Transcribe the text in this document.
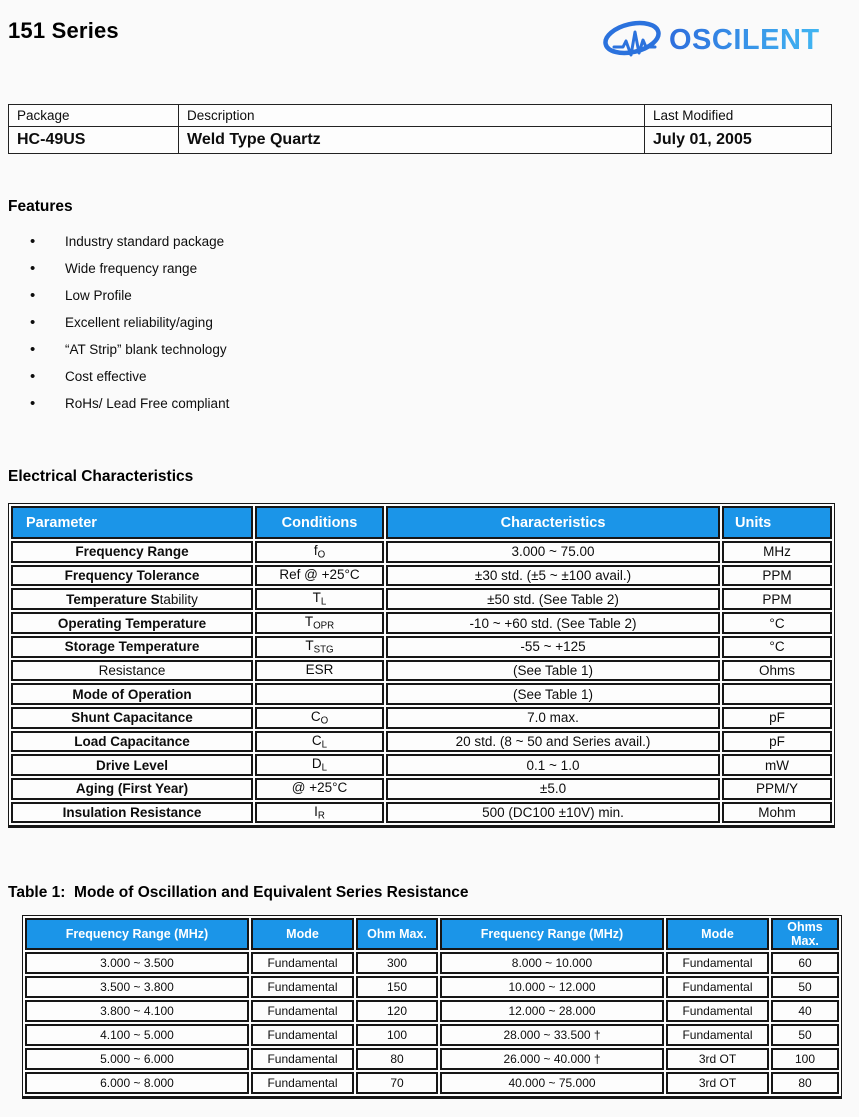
151 Series	OSCILENT
Package	Description	Last Modified
HC-49US	Weld Type Quartz	July 01, 2005
Features
•	Industry standard package
•	Wide frequency range
•	Low Profile
•	Excellent reliability/aging
•	“AT Strip” blank technology
•	Cost effective
•	RoHs/ Lead Free compliant
Electrical Characteristics
Parameter	Conditions	Characteristics	Units
Frequency Range	$f_O$	3.000 ~ 75.00	MHz
Frequency Tolerance	Ref @ +25°C	±30 std. (±5 ~ ±100 avail.)	PPM
Temperature Stability	$T_L$	±50 std. (See Table 2)	PPM
Operating Temperature	$T_{OPR}$	-10 ~ +60 std. (See Table 2)	°C
Storage Temperature	$T_{STG}$	-55 ~ +125	°C
Resistance	ESR	(See Table 1)	Ohms
Mode of Operation		(See Table 1)	
Shunt Capacitance	$C_O$	7.0 max.	pF
Load Capacitance	$C_L$	20 std. (8 ~ 50 and Series avail.)	pF
Drive Level	$D_L$	0.1 ~ 1.0	mW
Aging (First Year)	@ +25°C	±5.0	PPM/Y
Insulation Resistance	$I_R$	500 (DC100 ±10V) min.	Mohm
Table 1:  Mode of Oscillation and Equivalent Series Resistance
Frequency Range (MHz)	Mode	Ohm Max.	Frequency Range (MHz)	Mode	Ohms Max.
3.000 ~ 3.500	Fundamental	300	8.000 ~ 10.000	Fundamental	60
3.500 ~ 3.800	Fundamental	150	10.000 ~ 12.000	Fundamental	50
3.800 ~ 4.100	Fundamental	120	12.000 ~ 28.000	Fundamental	40
4.100 ~ 5.000	Fundamental	100	28.000 ~ 33.500 †	Fundamental	50
5.000 ~ 6.000	Fundamental	80	26.000 ~ 40.000 †	3rd OT	100
6.000 ~ 8.000	Fundamental	70	40.000 ~ 75.000	3rd OT	80
